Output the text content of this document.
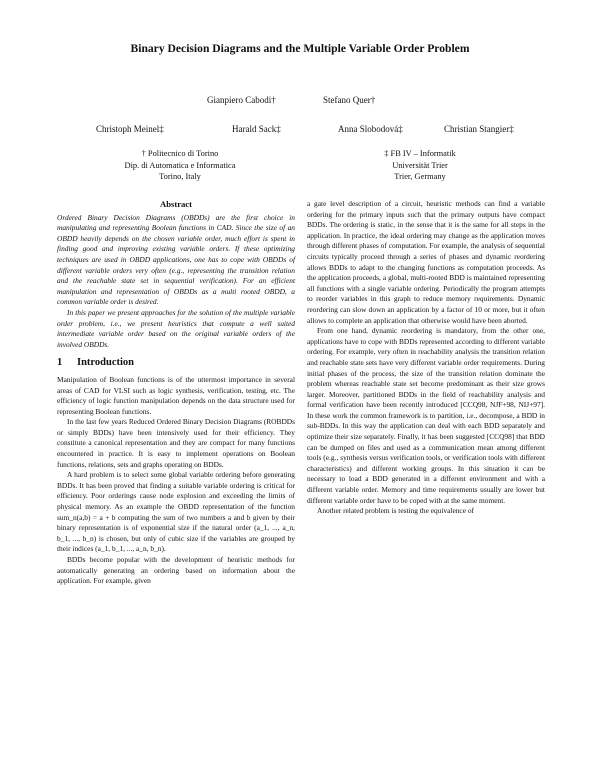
Binary Decision Diagrams and the Multiple Variable Order Problem
Gianpiero Cabodi†	Stefano Quer†
Christoph Meinel‡	Harald Sack‡	Anna Slobodová‡	Christian Stangier‡
† Politecnico di Torino
Dip. di Automatica e Informatica
Torino, Italy
‡ FB IV – Informatik
Universität Trier
Trier, Germany
Abstract

Ordered Binary Decision Diagrams (OBDDs) are the first choice in manipulating and representing Boolean functions in CAD. Since the size of an OBDD heavily depends on the chosen variable order, much effort is spent in finding good and improving existing variable orders. If these optimizing techniques are used in OBDD applications, one has to cope with OBDDs of different variable orders very often (e.g., representing the transition relation and the reachable state set in sequential verification). For an efficient manipulation and representation of OBDDs as a multi rooted OBDD, a common variable order is desired.

In this paper we present approaches for the solution of the multiple variable order problem, i.e., we present heuristics that compute a well suited intermediate variable order based on the original variable orders of the involved OBDDs.

1 Introduction

Manipulation of Boolean functions is of the uttermost importance in several areas of CAD for VLSI such as logic synthesis, verification, testing, etc. The efficiency of logic function manipulation depends on the data structure used for representing Boolean functions.

In the last few years Reduced Ordered Binary Decision Diagrams (ROBDDs or simply BDDs) have been intensively used for their efficiency. They constitute a canonical representation and they are compact for many functions encountered in practice. It is easy to implement operations on Boolean functions, relations, sets and graphs operating on BDDs.

A hard problem is to select some global variable ordering before generating BDDs. It has been proved that finding a suitable variable ordering is critical for efficiency. Poor orderings cause node explosion and exceeding the limits of physical memory. As an example the OBDD representation of the function sum_n(a,b) = a + b computing the sum of two numbers a and b given by their binary representation is of exponential size if the natural order (a_1, ..., a_n, b_1, ..., b_n) is chosen, but only of cubic size if the variables are grouped by their indices (a_1, b_1, ..., a_n, b_n).

BDDs become popular with the development of heuristic methods for automatically generating an ordering based on information about the application. For example, given

a gate level description of a circuit, heuristic methods can find a variable ordering for the primary inputs such that the primary outputs have compact BDDs. The ordering is static, in the sense that it is the same for all steps in the application. In practice, the ideal ordering may change as the application moves through different phases of computation. For example, the analysis of sequential circuits typically proceed through a series of phases and dynamic reordering allows BDDs to adapt to the changing functions as computation proceeds. As the application proceeds, a global, multi-rooted BDD is maintained representing all functions with a single variable ordering. Periodically the program attempts to reorder variables in this graph to reduce memory requirements. Dynamic reordering can slow down an application by a factor of 10 or more, but it often allows to complete an application that otherwise would have been aborted.

From one hand, dynamic reordering is mandatory, from the other one, applications have to cope with BDDs represented according to different variable ordering. For example, very often in reachability analysis the transition relation and reachable state sets have very different variable order requirements. During initial phases of the process, the size of the transition relation dominate the problem whereas reachable state set become predominant as their size grows larger. Moreover, partitioned BDDs in the field of reachability analysis and formal verification have been recently introduced [CCQ98, NJF+98, NIJ+97]. In these work the common framework is to partition, i.e., decompose, a BDD in sub-BDDs. In this way the application can deal with each BDD separately and optimize their size separately. Finally, it has been suggested [CCQ98] that BDD can be dumped on files and used as a communication mean among different tools (e.g., synthesis versus verification tools, or verification tools with different characteristics) and different working groups. In this situation it can be necessary to load a BDD generated in a different environment and with a different variable order. Memory and time requirements usually are lower but different variable order have to be coped with at the same moment.

Another related problem is testing the equivalence of
